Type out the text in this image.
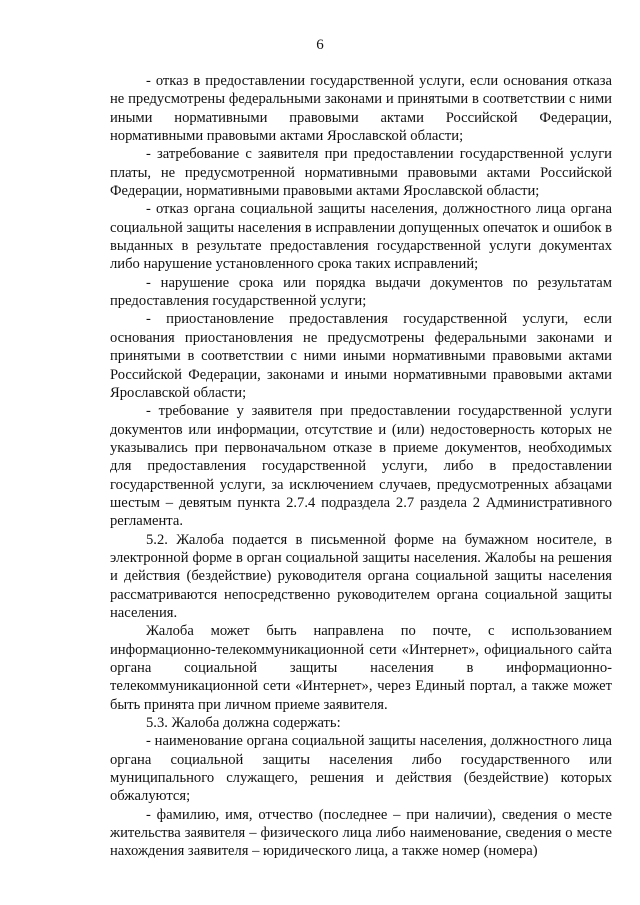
6

- отказ в предоставлении государственной услуги, если основания отказа не предусмотрены федеральными законами и принятыми в соответствии с ними иными нормативными правовыми актами Российской Федерации, нормативными правовыми актами Ярославской области;

- затребование с заявителя при предоставлении государственной услуги платы, не предусмотренной нормативными правовыми актами Российской Федерации, нормативными правовыми актами Ярославской области;

- отказ органа социальной защиты населения, должностного лица органа социальной защиты населения в исправлении допущенных опечаток и ошибок в выданных в результате предоставления государственной услуги документах либо нарушение установленного срока таких исправлений;

- нарушение срока или порядка выдачи документов по результатам предоставления государственной услуги;

- приостановление предоставления государственной услуги, если основания приостановления не предусмотрены федеральными законами и принятыми в соответствии с ними иными нормативными правовыми актами Российской Федерации, законами и иными нормативными правовыми актами Ярославской области;

- требование у заявителя при предоставлении государственной услуги документов или информации, отсутствие и (или) недостоверность которых не указывались при первоначальном отказе в приеме документов, необходимых для предоставления государственной услуги, либо в предоставлении государственной услуги, за исключением случаев, предусмотренных абзацами шестым – девятым пункта 2.7.4 подраздела 2.7 раздела 2 Административного регламента.

5.2. Жалоба подается в письменной форме на бумажном носителе, в электронной форме в орган социальной защиты населения. Жалобы на решения и действия (бездействие) руководителя органа социальной защиты населения рассматриваются непосредственно руководителем органа социальной защиты населения.

Жалоба может быть направлена по почте, с использованием информационно-телекоммуникационной сети «Интернет», официального сайта органа социальной защиты населения в информационно-телекоммуникационной сети «Интернет», через Единый портал, а также может быть принята при личном приеме заявителя.

5.3. Жалоба должна содержать:

- наименование органа социальной защиты населения, должностного лица органа социальной защиты населения либо государственного или муниципального служащего, решения и действия (бездействие) которых обжалуются;

- фамилию, имя, отчество (последнее – при наличии), сведения о месте жительства заявителя – физического лица либо наименование, сведения о месте нахождения заявителя – юридического лица, а также номер (номера)
